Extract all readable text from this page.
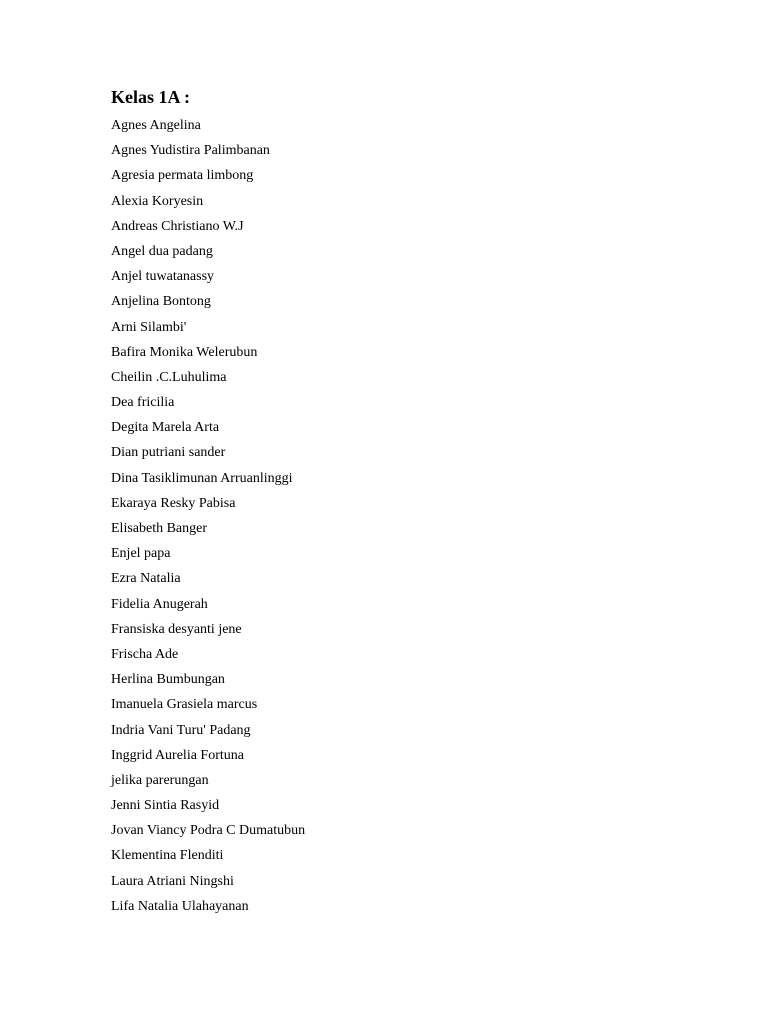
Kelas 1A :
Agnes Angelina
Agnes Yudistira Palimbanan
Agresia permata limbong
Alexia Koryesin
Andreas Christiano W.J
Angel dua padang
Anjel tuwatanassy
Anjelina Bontong
Arni Silambi'
Bafira Monika Welerubun
Cheilin .C.Luhulima
Dea fricilia
Degita Marela Arta
Dian putriani sander
Dina Tasiklimunan Arruanlinggi
Ekaraya Resky Pabisa
Elisabeth Banger
Enjel papa
Ezra Natalia
Fidelia Anugerah
Fransiska desyanti jene
Frischa Ade
Herlina Bumbungan
Imanuela Grasiela marcus
Indria Vani Turu' Padang
Inggrid Aurelia Fortuna
jelika parerungan
Jenni Sintia Rasyid
Jovan Viancy Podra C Dumatubun
Klementina Flenditi
Laura Atriani Ningshi
Lifa Natalia Ulahayanan
